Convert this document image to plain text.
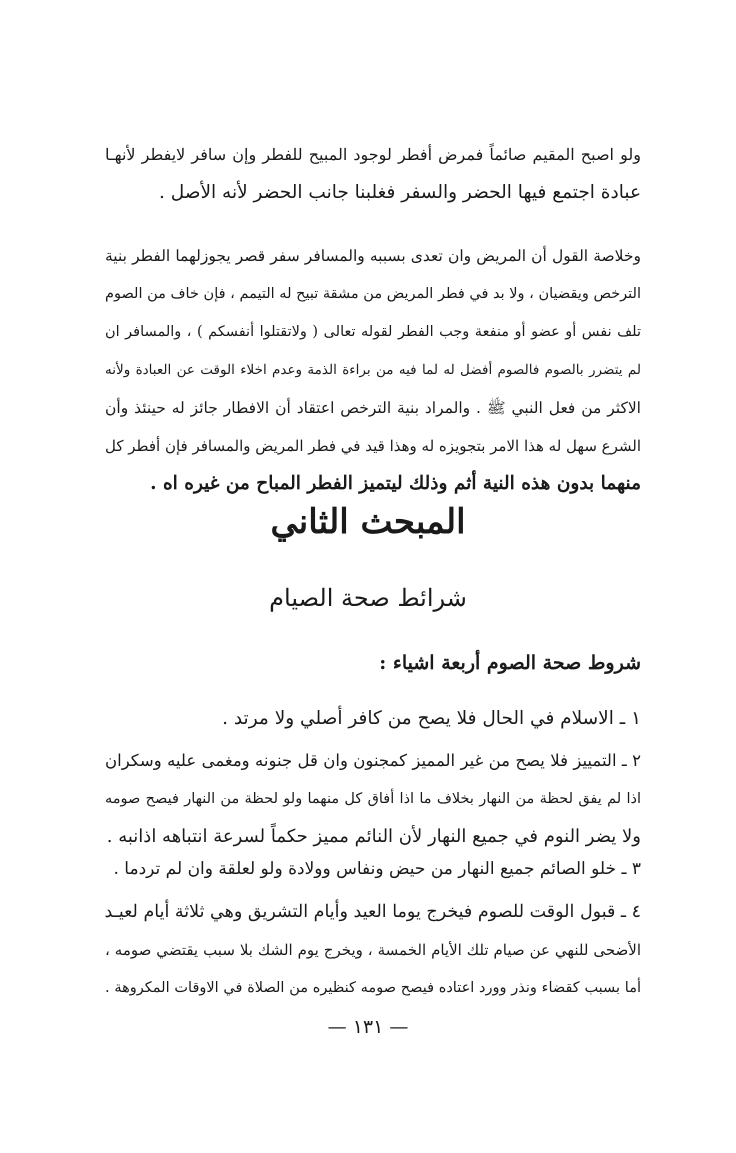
ولو اصبح المقيم صائماً فمرض أفطر لوجود المبيح للفطر وإن سافر لايفطر لأنهـا
عبادة اجتمع فيها الحضر والسفر فغلبنا جانب الحضر لأنه الأصل .
وخلاصة القول أن المريض وان تعدى بسببه والمسافر سفر قصر يجوزلهما الفطر بنية
الترخص ويقضيان ، ولا بد في فطر المريض من مشقة تبيح له التيمم ، فإن خاف من الصوم
تلف نفس أو عضو أو منفعة وجب الفطر لقوله تعالى ( ولاتقتلوا أنفسكم ) ، والمسافر ان
لم يتضرر بالصوم فالصوم أفضل له لما فيه من براءة الذمة وعدم اخلاء الوقت عن العبادة ولأنه
الاكثر من فعل النبي ﷺ . والمراد بنية الترخص اعتقاد أن الافطار جائز له حينئذ وأن
الشرع سهل له هذا الامر بتجويزه له وهذا قيد في فطر المريض والمسافر فإن أفطر كل
منهما بدون هذه النية أثم وذلك ليتميز الفطر المباح من غيره اه .
المبحث الثاني
شرائط صحة الصيام
شروط صحة الصوم أربعة اشياء :
١ ـ الاسلام في الحال فلا يصح من كافر أصلي ولا مرتد .
٢ ـ التمييز فلا يصح من غير المميز كمجنون وان قل جنونه ومغمى عليه وسكران
اذا لم يفق لحظة من النهار بخلاف ما اذا أفاق كل منهما ولو لحظة من النهار فيصح صومه
ولا يضر النوم في جميع النهار لأن النائم مميز حكماً لسرعة انتباهه اذانبه .
٣ ـ خلو الصائم جميع النهار من حيض ونفاس وولادة ولو لعلقة وان لم تردما .
٤ ـ قبول الوقت للصوم فيخرج يوما العيد وأيام التشريق وهي ثلاثة أيام لعيـد
الأضحى للنهي عن صيام تلك الأيام الخمسة ، ويخرج يوم الشك بلا سبب يقتضي صومه ،
أما بسبب كقضاء ونذر وورد اعتاده فيصح صومه كنظيره من الصلاة في الاوقات المكروهة .
— ١٣١ —
